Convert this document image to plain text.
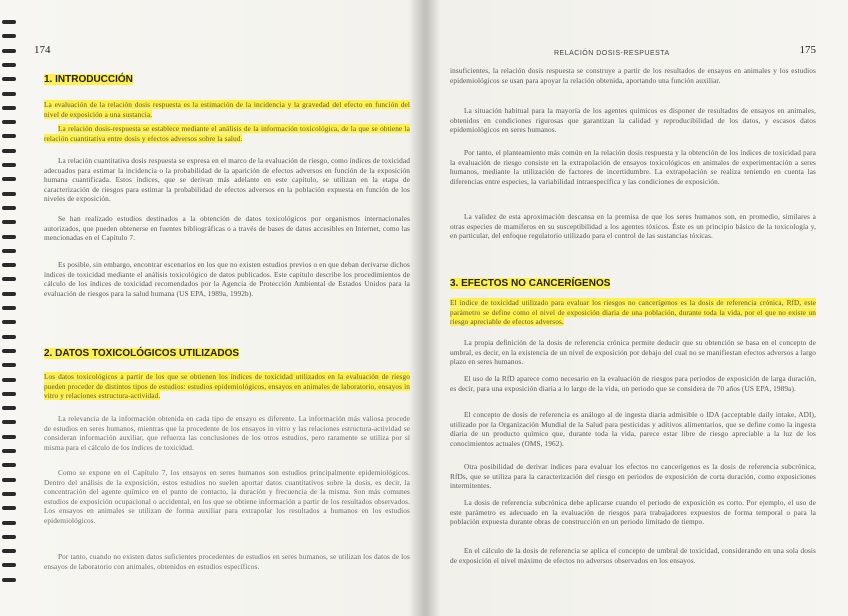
174
1. INTRODUCCIÓN
La evaluación de la relación dosis respuesta es la estimación de la incidencia y la gravedad del efecto en función del nivel de exposición a una sustancia.
La relación dosis-respuesta se establece mediante el análisis de la información toxicológica, de la que se obtiene la relación cuantitativa entre dosis y efectos adversos sobre la salud.
La relación cuantitativa dosis respuesta se expresa en el marco de la evaluación de riesgo, como índices de toxicidad adecuados para estimar la incidencia o la probabilidad de la aparición de efectos adversos en función de la exposición humana cuantificada. Estos índices, que se derivan más adelante en este capítulo, se utilizan en la etapa de caracterización de riesgos para estimar la probabilidad de efectos adversos en la población expuesta en función de los niveles de exposición.
Se han realizado estudios destinados a la obtención de datos toxicológicos por organismos internacionales autorizados, que pueden obtenerse en fuentes bibliográficas o a través de bases de datos accesibles en Internet, como las mencionadas en el Capítulo 7.
Es posible, sin embargo, encontrar escenarios en los que no existen estudios previos o en que deban derivarse dichos índices de toxicidad mediante el análisis toxicológico de datos publicados. Este capítulo describe los procedimientos de cálculo de los índices de toxicidad recomendados por la Agencia de Protección Ambiental de Estados Unidos para la evaluación de riesgos para la salud humana (US EPA, 1989a, 1992b).
2. DATOS TOXICOLÓGICOS UTILIZADOS
Los datos toxicológicos a partir de los que se obtienen los índices de toxicidad utilizados en la evaluación de riesgo pueden proceder de distintos tipos de estudios: estudios epidemiológicos, ensayos en animales de laboratorio, ensayos in vitro y relaciones estructura-actividad.
La relevancia de la información obtenida en cada tipo de ensayo es diferente. La información más valiosa procede de estudios en seres humanos, mientras que la procedente de los ensayos in vitro y las relaciones estructura-actividad se consideran información auxiliar, que refuerza las conclusiones de los otros estudios, pero raramente se utiliza por sí misma para el cálculo de los índices de toxicidad.
Como se expone en el Capítulo 7, los ensayos en seres humanos son estudios principalmente epidemiológicos. Dentro del análisis de la exposición, estos estudios no suelen aportar datos cuantitativos sobre la dosis, es decir, la concentración del agente químico en el punto de contacto, la duración y frecuencia de la misma. Son más comunes estudios de exposición ocupacional o accidental, en los que se obtiene información a partir de los resultados observados. Los ensayos en animales se utilizan de forma auxiliar para extrapolar los resultados a humanos en los estudios epidemiológicos.
Por tanto, cuando no existen datos suficientes procedentes de estudios en seres humanos, se utilizan los datos de los ensayos de laboratorio con animales, obtenidos en estudios específicos.
RELACIÓN DOSIS-RESPUESTA	175
insuficientes, la relación dosis respuesta se construye a partir de los resultados de ensayos en animales y los estudios epidemiológicos se usan para apoyar la relación obtenida, aportando una función auxiliar.
La situación habitual para la mayoría de los agentes químicos es disponer de resultados de ensayos en animales, obtenidos en condiciones rigurosas que garantizan la calidad y reproducibilidad de los datos, y escasos datos epidemiológicos en seres humanos.
Por tanto, el planteamiento más común en la relación dosis respuesta y la obtención de los índices de toxicidad para la evaluación de riesgo consiste en la extrapolación de ensayos toxicológicos en animales de experimentación a seres humanos, mediante la utilización de factores de incertidumbre. La extrapolación se realiza teniendo en cuenta las diferencias entre especies, la variabilidad intraespecífica y las condiciones de exposición.
La validez de esta aproximación descansa en la premisa de que los seres humanos son, en promedio, similares a otras especies de mamíferos en su susceptibilidad a los agentes tóxicos. Éste es un principio básico de la toxicología y, en particular, del enfoque regulatorio utilizado para el control de las sustancias tóxicas.
3. EFECTOS NO CANCERÍGENOS
El índice de toxicidad utilizado para evaluar los riesgos no cancerígenos es la dosis de referencia crónica, RfD, este parámetro se define como el nivel de exposición diaria de una población, durante toda la vida, por el que no existe un riesgo apreciable de efectos adversos.
La propia definición de la dosis de referencia crónica permite deducir que su obtención se basa en el concepto de umbral, es decir, en la existencia de un nivel de exposición por debajo del cual no se manifiestan efectos adversos a largo plazo en seres humanos.
El uso de la RfD aparece como necesario en la evaluación de riesgos para periodos de exposición de larga duración, es decir, para una exposición diaria a lo largo de la vida, un periodo que se considera de 70 años (US EPA, 1989a).
El concepto de dosis de referencia es análogo al de ingesta diaria admisible o IDA (acceptable daily intake, ADI), utilizado por la Organización Mundial de la Salud para pesticidas y aditivos alimentarios, que se define como la ingesta diaria de un producto químico que, durante toda la vida, parece estar libre de riesgo apreciable a la luz de los conocimientos actuales (OMS, 1962).
Otra posibilidad de derivar índices para evaluar los efectos no cancerígenos es la dosis de referencia subcrónica, RfDs, que se utiliza para la caracterización del riesgo en periodos de exposición de corta duración, como exposiciones intermitentes.
La dosis de referencia subcrónica debe aplicarse cuando el periodo de exposición es corto. Por ejemplo, el uso de este parámetro es adecuado en la evaluación de riesgos para trabajadores expuestos de forma temporal o para la población expuesta durante obras de construcción en un periodo limitado de tiempo.
En el cálculo de la dosis de referencia se aplica el concepto de umbral de toxicidad, considerando en una sola dosis de exposición el nivel máximo de efectos no adversos observados en los ensayos.
